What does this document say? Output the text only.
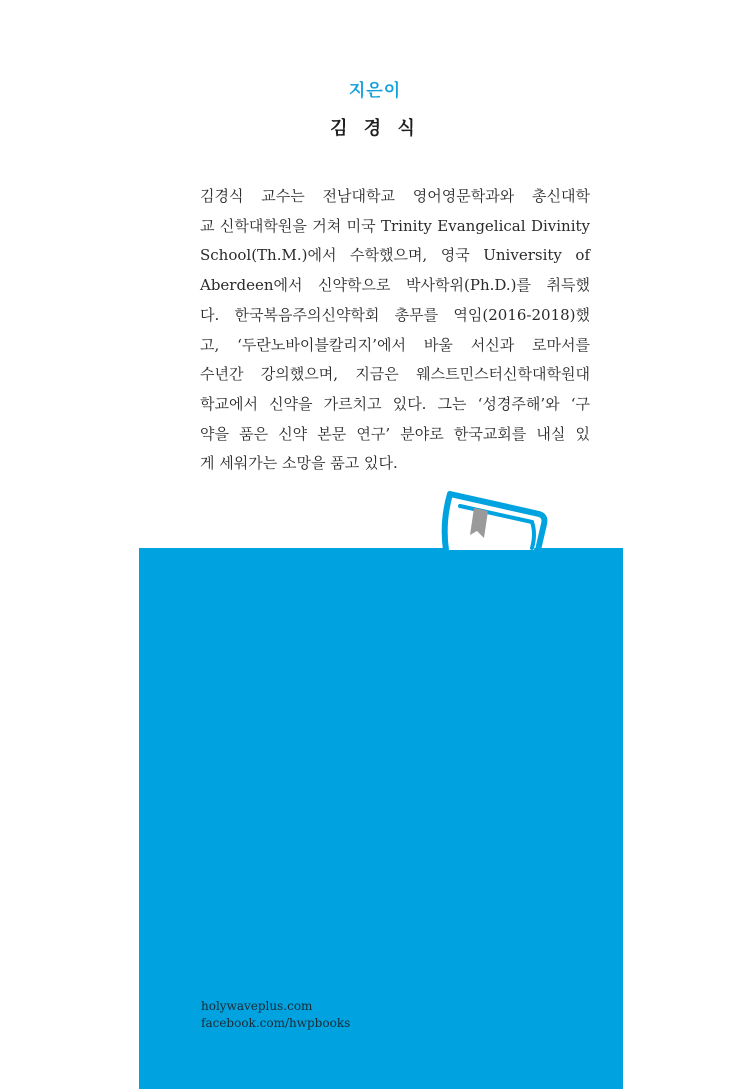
지은이
김 경 식
김경식 교수는 전남대학교 영어영문학과와 총신대학
교 신학대학원을 거쳐 미국 Trinity Evangelical Divinity
School(Th.M.)에서 수학했으며, 영국 University of
Aberdeen에서 신약학으로 박사학위(Ph.D.)를 취득했
다. 한국복음주의신약학회 총무를 역임(2016-2018)했
고, ‘두란노바이블칼리지’에서 바울 서신과 로마서를
수년간 강의했으며, 지금은 웨스트민스터신학대학원대
학교에서 신약을 가르치고 있다. 그는 ‘성경주해’와 ‘구
약을 품은 신약 본문 연구’ 분야로 한국교회를 내실 있
게 세워가는 소망을 품고 있다.
holywaveplus.com
facebook.com/hwpbooks
